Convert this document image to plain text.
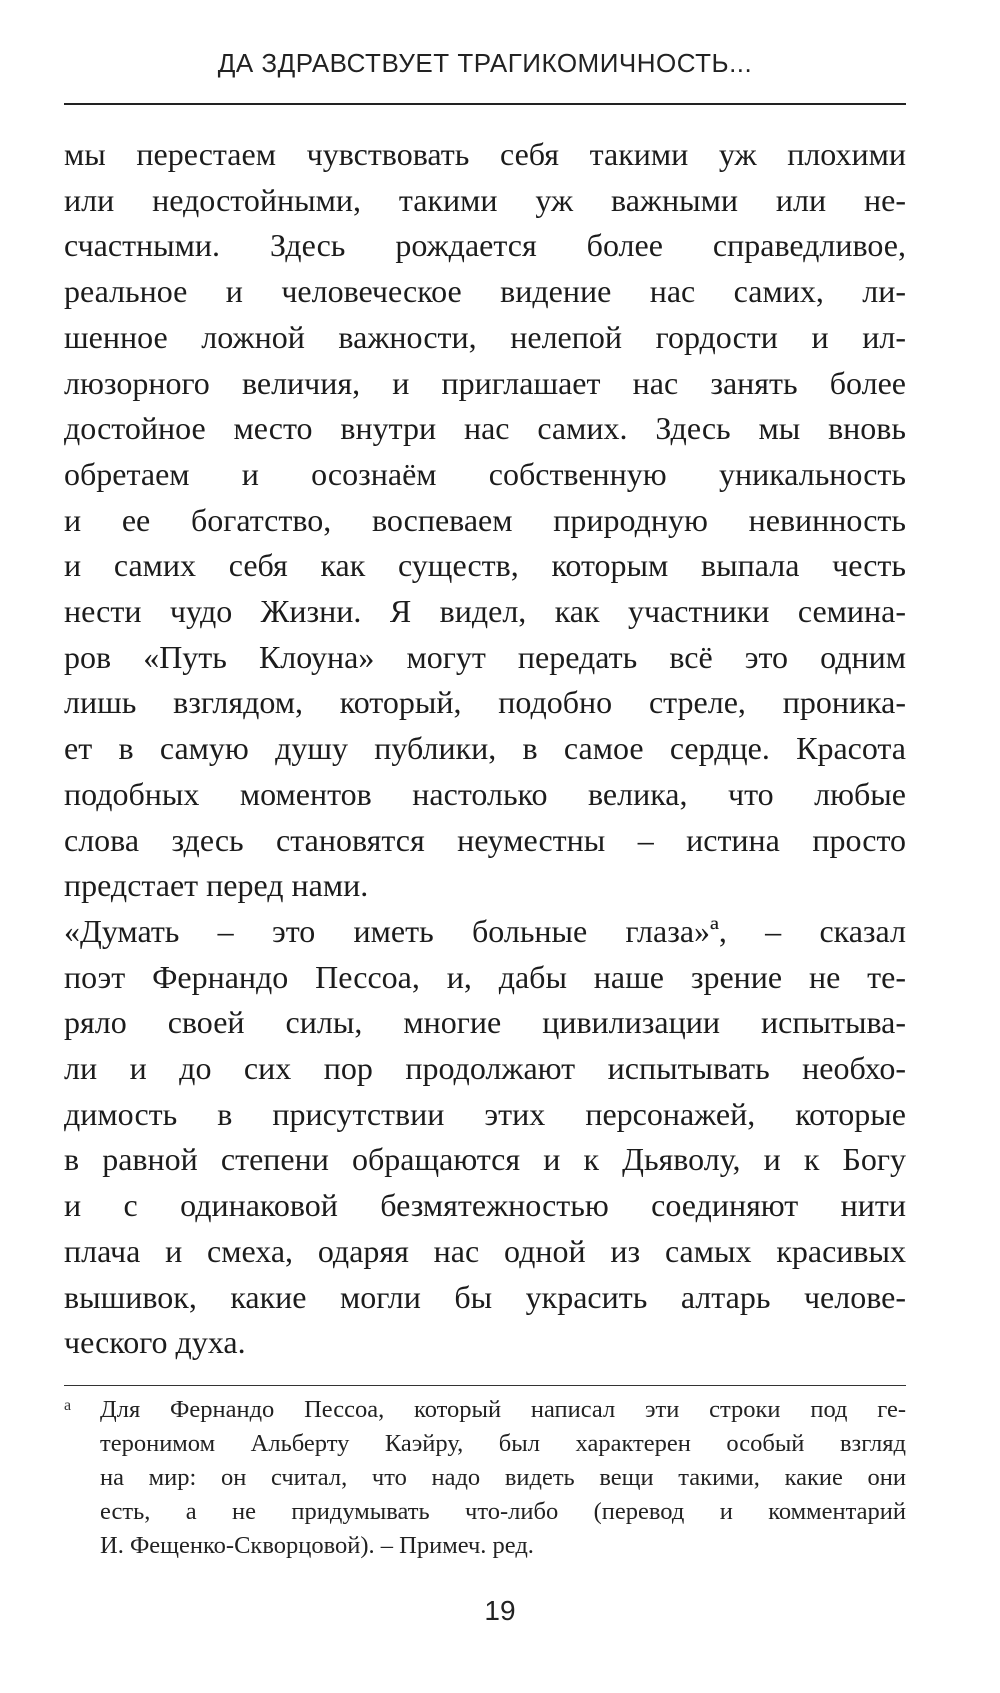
ДА ЗДРАВСТВУЕТ ТРАГИКОМИЧНОСТЬ...
мы перестаем чувствовать себя такими уж плохими
или недостойными, такими уж важными или не-
счастными. Здесь рождается более справедливое,
реальное и человеческое видение нас самих, ли-
шенное ложной важности, нелепой гордости и ил-
люзорного величия, и приглашает нас занять более
достойное место внутри нас самих. Здесь мы вновь
обретаем и осознаём собственную уникальность
и ее богатство, воспеваем природную невинность
и самих себя как существ, которым выпала честь
нести чудо Жизни. Я видел, как участники семина-
ров «Путь Клоуна» могут передать всё это одним
лишь взглядом, который, подобно стреле, проника-
ет в самую душу публики, в самое сердце. Красота
подобных моментов настолько велика, что любые
слова здесь становятся неуместны – истина просто
предстает перед нами.
«Думать – это иметь больные глаза»ª, – сказал
поэт Фернандо Пессоа, и, дабы наше зрение не те-
ряло своей силы, многие цивилизации испытыва-
ли и до сих пор продолжают испытывать необхо-
димость в присутствии этих персонажей, которые
в равной степени обращаются и к Дьяволу, и к Богу
и с одинаковой безмятежностью соединяют нити
плача и смеха, одаряя нас одной из самых красивых
вышивок, какие могли бы украсить алтарь челове-
ческого духа.
a Для Фернандо Пессоа, который написал эти строки под ге-
теронимом Альберту Каэйру, был характерен особый взгляд
на мир: он считал, что надо видеть вещи такими, какие они
есть, а не придумывать что-либо (перевод и комментарий
И. Фещенко-Скворцовой). – Примеч. ред.
19
